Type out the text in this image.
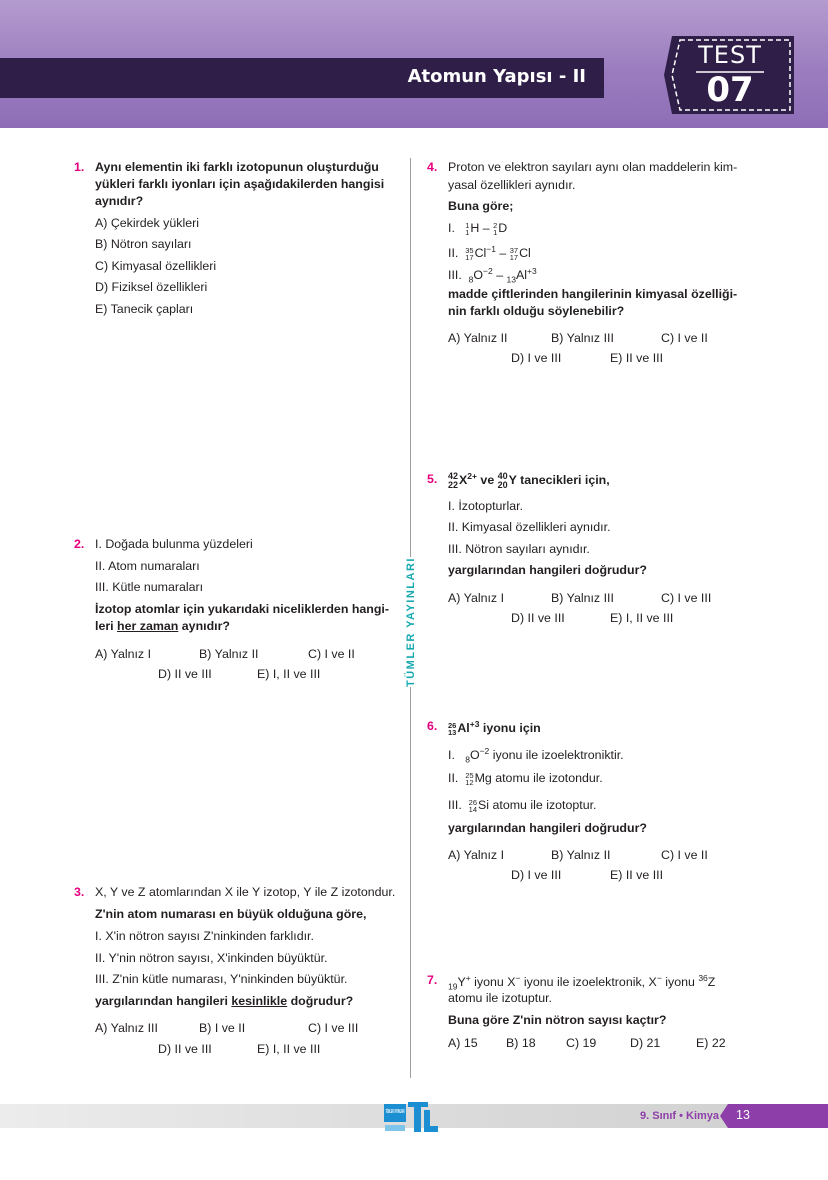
Atomun Yapısı - II
TEST
07
TÜMLER YAYINLARI
1. Aynı elementin iki farklı izotopunun oluşturduğu
yükleri farklı iyonları için aşağıdakilerden hangisi
aynıdır?
A) Çekirdek yükleri
B) Nötron sayıları
C) Kimyasal özellikleri
D) Fiziksel özellikleri
E) Tanecik çapları
2. I. Doğada bulunma yüzdeleri
II. Atom numaraları
III. Kütle numaraları
İzotop atomlar için yukarıdaki niceliklerden hangi-
leri her zaman aynıdır?
A) Yalnız I	B) Yalnız II	C) I ve II
D) II ve III	E) I, II ve III
3. X, Y ve Z atomlarından X ile Y izotop, Y ile Z izotondur.
Z'nin atom numarası en büyük olduğuna göre,
I. X'in nötron sayısı Z'ninkinden farklıdır.
II. Y'nin nötron sayısı, X'inkinden büyüktür.
III. Z'nin kütle numarası, Y'ninkinden büyüktür.
yargılarından hangileri kesinlikle doğrudur?
A) Yalnız III	B) I ve II	C) I ve III
D) II ve III	E) I, II ve III
4. Proton ve elektron sayıları aynı olan maddelerin kim-
yasal özellikleri aynıdır.
Buna göre;
I. 1
1H – 2
1D
II. 35
$17Cl^{-1} - 37$
17Cl
III. $_8O^{-2} - _{13}Al^{+3}$
madde çiftlerinden hangilerinin kimyasal özelliği-
nin farklı olduğu söylenebilir?
A) Yalnız II	B) Yalnız III	C) I ve II
D) I ve III	E) II ve III
5. 42
$22X^{2+}$ ve 40
20Y tanecikleri için,
I. İzotopturlar.
II. Kimyasal özellikleri aynıdır.
III. Nötron sayıları aynıdır.
yargılarından hangileri doğrudur?
A) Yalnız I	B) Yalnız III	C) I ve III
D) II ve III	E) I, II ve III
6. 26
$13Al^{+3}$ iyonu için
I. $_8O^{-2}$ iyonu ile izoelektroniktir.
II. 25
12Mg atomu ile izotondur.
III. 26
14Si atomu ile izotoptur.
yargılarından hangileri doğrudur?
A) Yalnız I	B) Yalnız II	C) I ve II
D) I ve III	E) II ve III
7. $_{19}$Y+ iyonu X− iyonu ile izoelektronik, X− iyonu $^{36}$Z
atomu ile izotuptur.
Buna göre Z'nin nötron sayısı kaçtır?
A) 15 B) 18 C) 19	D) 21	E) 22
TÜMLER YAYINLARI	9. Sınıf • Kimya 13
